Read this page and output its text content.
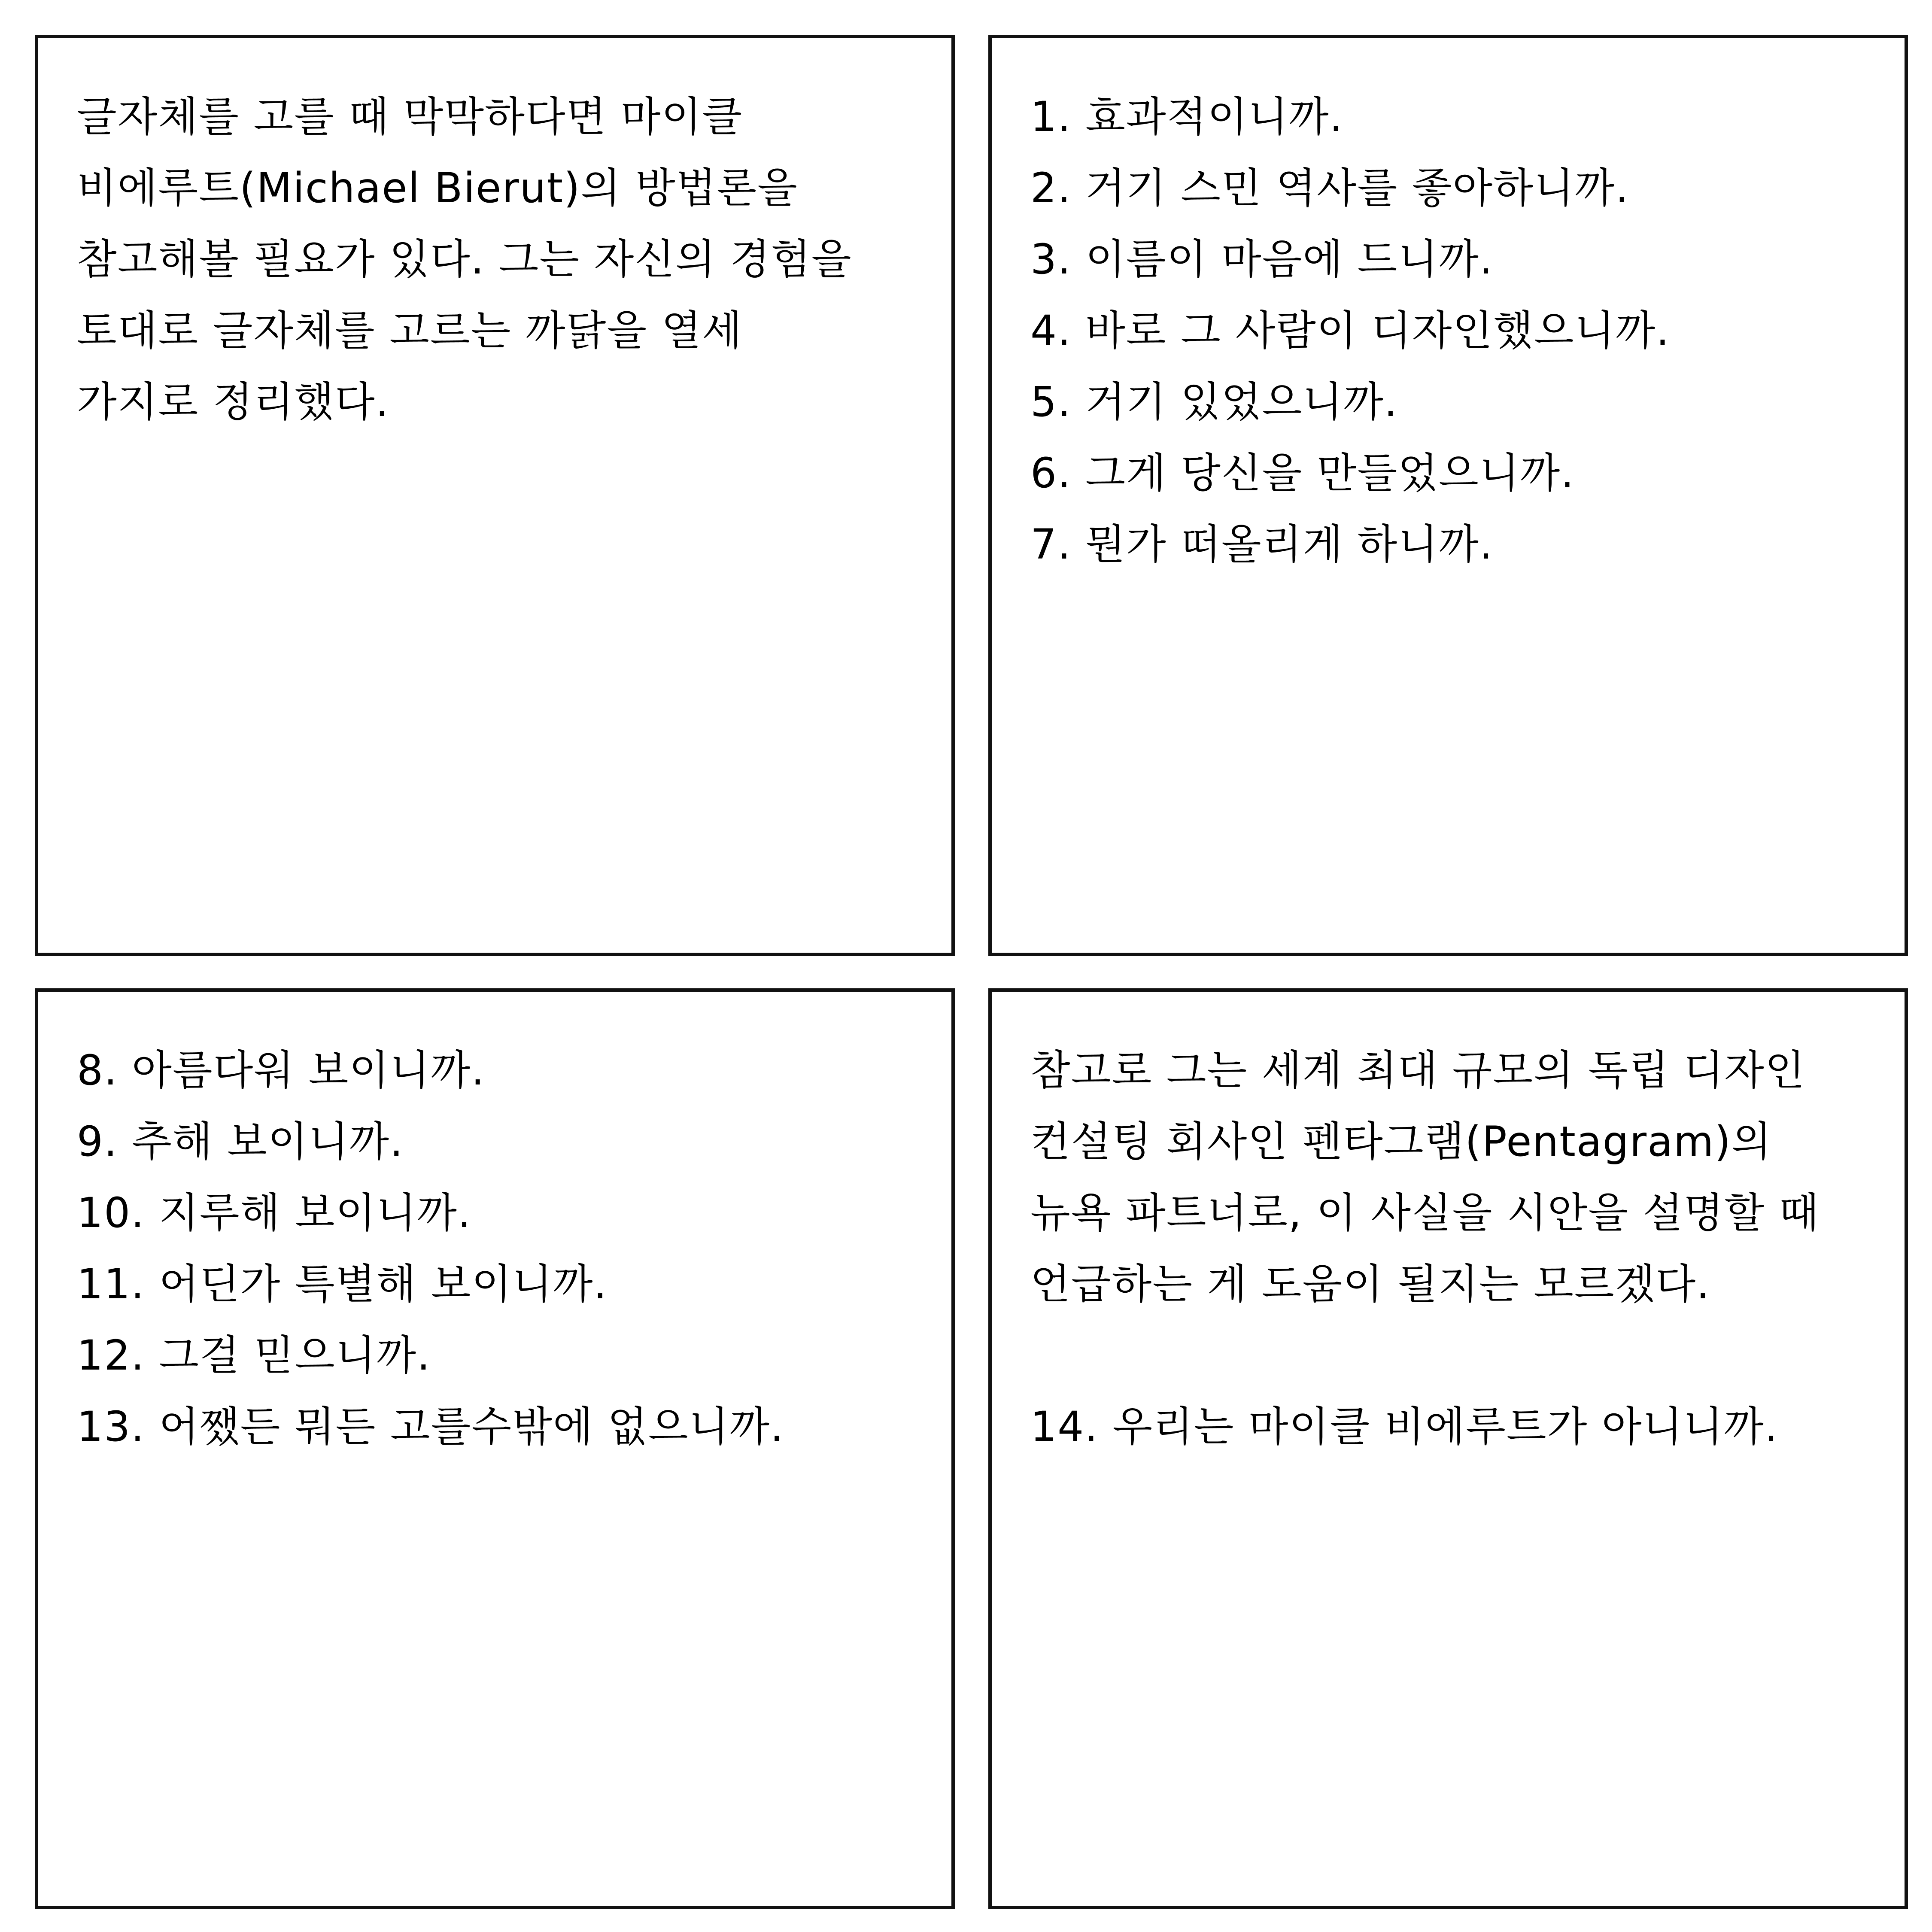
글자체를 고를 때 막막하다면 마이클
비에루트(Michael Bierut)의 방법론을
참고해볼 필요가 있다. 그는 자신의 경험을
토대로 글자체를 고르는 까닭을 열세
가지로 정리했다.
1. 효과적이니까.
2. 거기 스민 역사를 좋아하니까.
3. 이름이 마음에 드니까.
4. 바로 그 사람이 디자인했으니까.
5. 거기 있었으니까.
6. 그게 당신을 만들었으니까.
7. 뭔가 떠올리게 하니까.
8. 아름다워 보이니까.
9. 추해 보이니까.
10. 지루해 보이니까.
11. 어딘가 특별해 보이니까.
12. 그걸 믿으니까.
13. 어쨌든 뭐든 고를수밖에 없으니까.
참고로 그는 세계 최대 규모의 독립 디자인
컨설팅 회사인 펜타그램(Pentagram)의
뉴욕 파트너로, 이 사실을 시안을 설명할 때
언급하는 게 도움이 될지는 모르겠다.
14. 우리는 마이클 비에루트가 아니니까.
